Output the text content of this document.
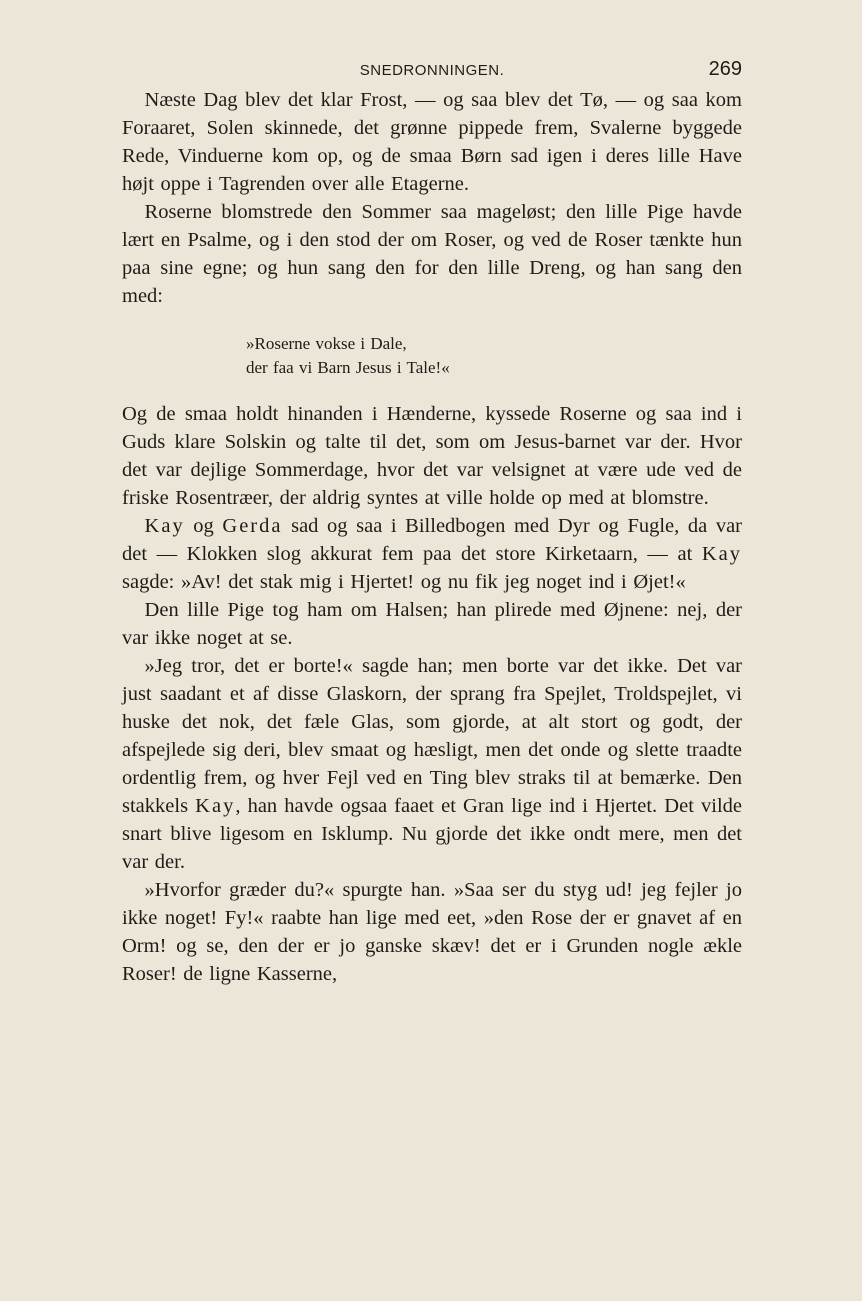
SNEDRONNINGEN.	269

Næste Dag blev det klar Frost, — og saa blev det Tø, — og saa kom Foraaret, Solen skinnede, det grønne pippede frem, Svalerne byggede Rede, Vinduerne kom op, og de smaa Børn sad igen i deres lille Have højt oppe i Tagrenden over alle Etagerne.

Roserne blomstrede den Sommer saa mageløst; den lille Pige havde lært en Psalme, og i den stod der om Roser, og ved de Roser tænkte hun paa sine egne; og hun sang den for den lille Dreng, og han sang den med:

»Roserne vokse i Dale,
der faa vi Barn Jesus i Tale!«

Og de smaa holdt hinanden i Hænderne, kyssede Roserne og saa ind i Guds klare Solskin og talte til det, som om Jesus-barnet var der. Hvor det var dejlige Sommerdage, hvor det var velsignet at være ude ved de friske Rosentræer, der aldrig syntes at ville holde op med at blomstre.

Kay og Gerda sad og saa i Billedbogen med Dyr og Fugle, da var det — Klokken slog akkurat fem paa det store Kirketaarn, — at Kay sagde: »Av! det stak mig i Hjertet! og nu fik jeg noget ind i Øjet!«

Den lille Pige tog ham om Halsen; han plirede med Øjnene: nej, der var ikke noget at se.

»Jeg tror, det er borte!« sagde han; men borte var det ikke. Det var just saadant et af disse Glaskorn, der sprang fra Spejlet, Troldspejlet, vi huske det nok, det fæle Glas, som gjorde, at alt stort og godt, der afspejlede sig deri, blev smaat og hæsligt, men det onde og slette traadte ordentlig frem, og hver Fejl ved en Ting blev straks til at bemærke. Den stakkels Kay, han havde ogsaa faaet et Gran lige ind i Hjertet. Det vilde snart blive ligesom en Isklump. Nu gjorde det ikke ondt mere, men det var der.

»Hvorfor græder du?« spurgte han. »Saa ser du styg ud! jeg fejler jo ikke noget! Fy!« raabte han lige med eet, »den Rose der er gnavet af en Orm! og se, den der er jo ganske skæv! det er i Grunden nogle ækle Roser! de ligne Kasserne,
